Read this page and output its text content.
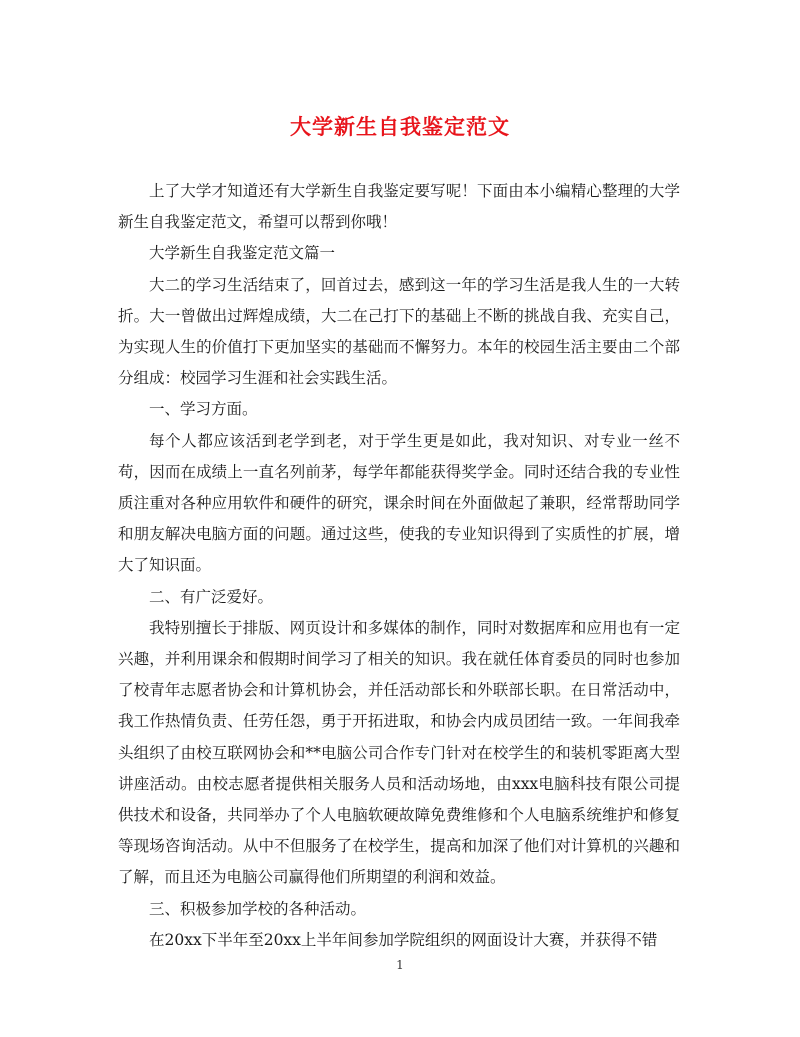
大学新生自我鉴定范文

上了大学才知道还有大学新生自我鉴定要写呢！下面由本小编精心整理的大学新生自我鉴定范文，希望可以帮到你哦！

大学新生自我鉴定范文篇一

大二的学习生活结束了，回首过去，感到这一年的学习生活是我人生的一大转折。大一曾做出过辉煌成绩，大二在己打下的基础上不断的挑战自我、充实自己，为实现人生的价值打下更加坚实的基础而不懈努力。本年的校园生活主要由二个部分组成：校园学习生涯和社会实践生活。

一、学习方面。

每个人都应该活到老学到老，对于学生更是如此，我对知识、对专业一丝不苟，因而在成绩上一直名列前茅，每学年都能获得奖学金。同时还结合我的专业性质注重对各种应用软件和硬件的研究，课余时间在外面做起了兼职，经常帮助同学和朋友解决电脑方面的问题。通过这些，使我的专业知识得到了实质性的扩展，增大了知识面。

二、有广泛爱好。

我特别擅长于排版、网页设计和多媒体的制作，同时对数据库和应用也有一定兴趣，并利用课余和假期时间学习了相关的知识。我在就任体育委员的同时也参加了校青年志愿者协会和计算机协会，并任活动部长和外联部长职。在日常活动中，我工作热情负责、任劳任怨，勇于开拓进取，和协会内成员团结一致。一年间我牵头组织了由校互联网协会和**电脑公司合作专门针对在校学生的和装机零距离大型讲座活动。由校志愿者提供相关服务人员和活动场地，由xxx电脑科技有限公司提供技术和设备，共同举办了个人电脑软硬故障免费维修和个人电脑系统维护和修复等现场咨询活动。从中不但服务了在校学生，提高和加深了他们对计算机的兴趣和了解，而且还为电脑公司赢得他们所期望的利润和效益。

三、积极参加学校的各种活动。

在20xx下半年至20xx上半年间参加学院组织的网面设计大赛，并获得不错

1
